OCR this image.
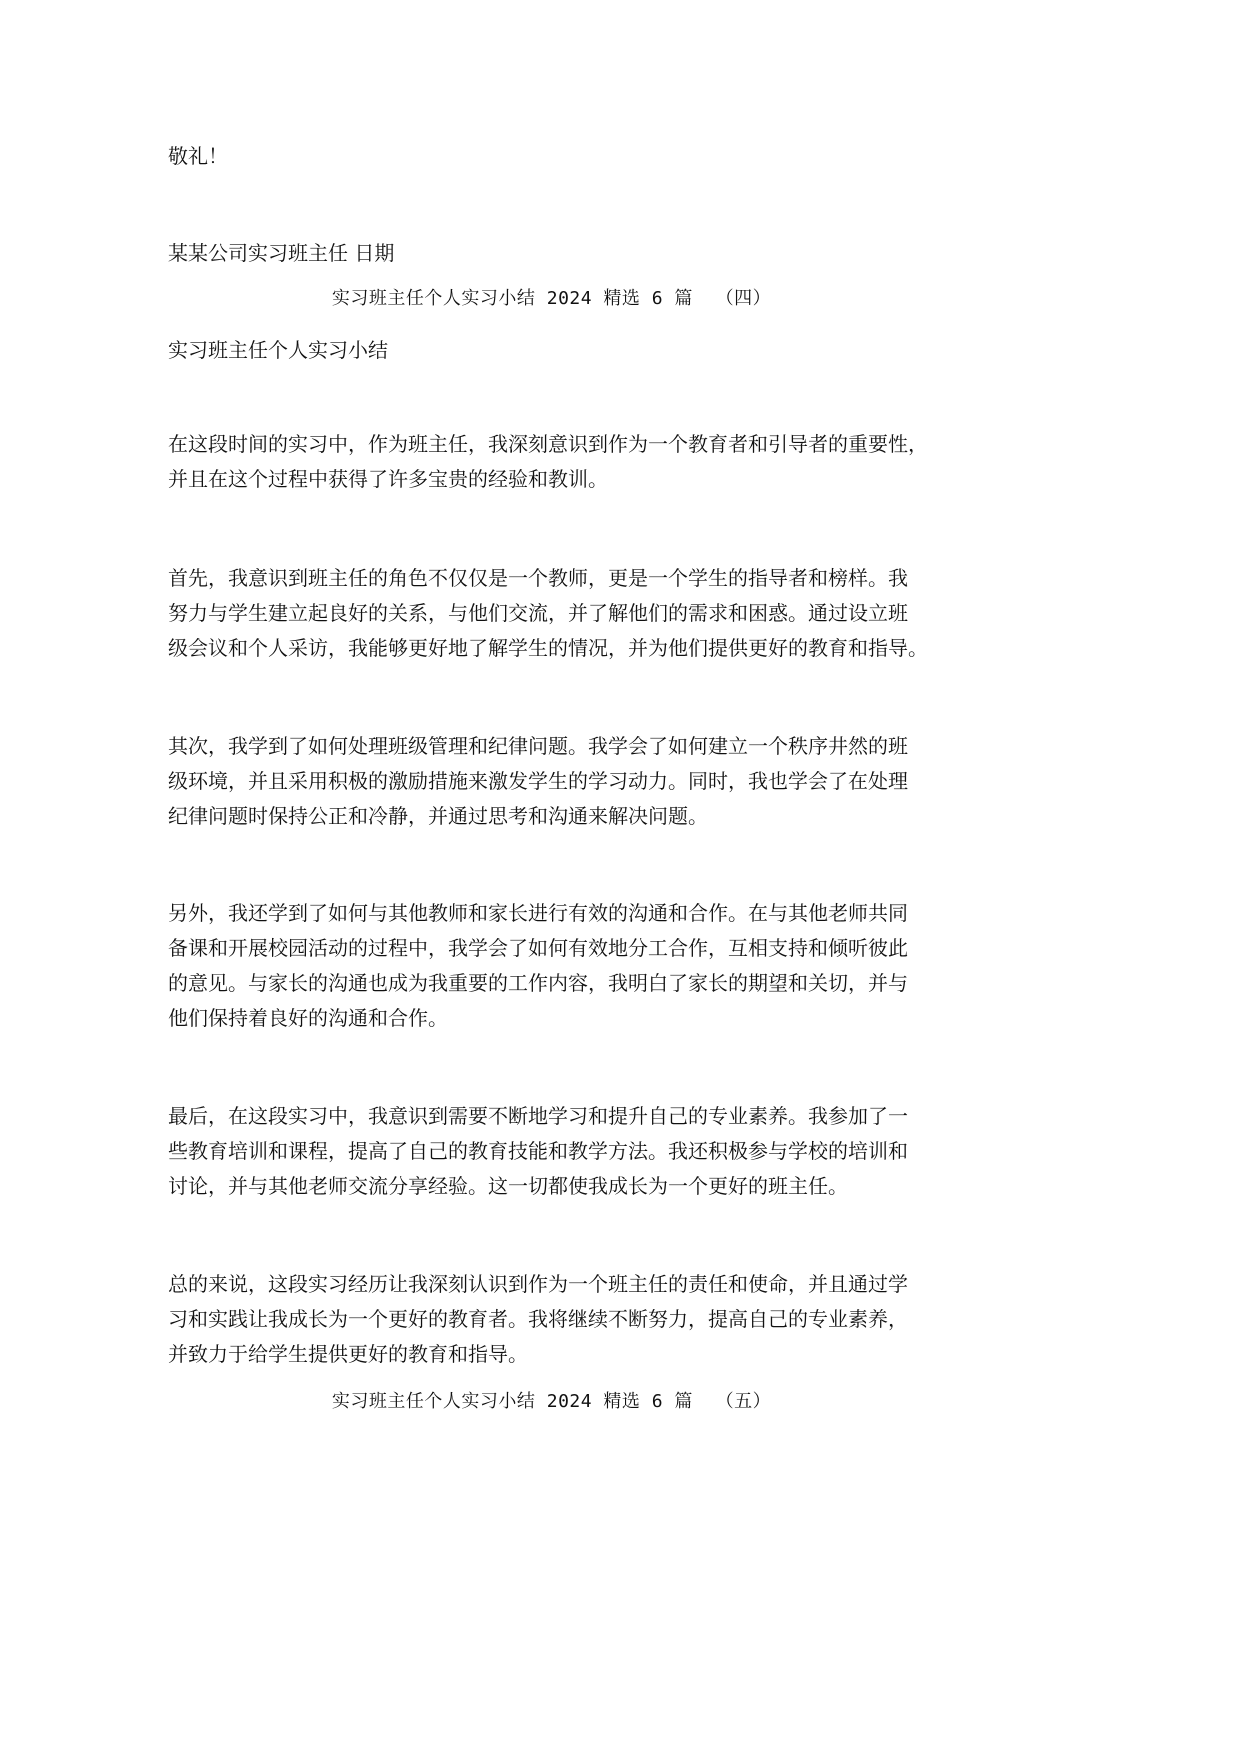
敬礼！
某某公司实习班主任 日期
实习班主任个人实习小结 2024 精选 6 篇  （四）
实习班主任个人实习小结
在这段时间的实习中，作为班主任，我深刻意识到作为一个教育者和引导者的重要性，
并且在这个过程中获得了许多宝贵的经验和教训。
首先，我意识到班主任的角色不仅仅是一个教师，更是一个学生的指导者和榜样。我
努力与学生建立起良好的关系，与他们交流，并了解他们的需求和困惑。通过设立班
级会议和个人采访，我能够更好地了解学生的情况，并为他们提供更好的教育和指导。
其次，我学到了如何处理班级管理和纪律问题。我学会了如何建立一个秩序井然的班
级环境，并且采用积极的激励措施来激发学生的学习动力。同时，我也学会了在处理
纪律问题时保持公正和冷静，并通过思考和沟通来解决问题。
另外，我还学到了如何与其他教师和家长进行有效的沟通和合作。在与其他老师共同
备课和开展校园活动的过程中，我学会了如何有效地分工合作，互相支持和倾听彼此
的意见。与家长的沟通也成为我重要的工作内容，我明白了家长的期望和关切，并与
他们保持着良好的沟通和合作。
最后，在这段实习中，我意识到需要不断地学习和提升自己的专业素养。我参加了一
些教育培训和课程，提高了自己的教育技能和教学方法。我还积极参与学校的培训和
讨论，并与其他老师交流分享经验。这一切都使我成长为一个更好的班主任。
总的来说，这段实习经历让我深刻认识到作为一个班主任的责任和使命，并且通过学
习和实践让我成长为一个更好的教育者。我将继续不断努力，提高自己的专业素养，
并致力于给学生提供更好的教育和指导。
实习班主任个人实习小结 2024 精选 6 篇  （五）
